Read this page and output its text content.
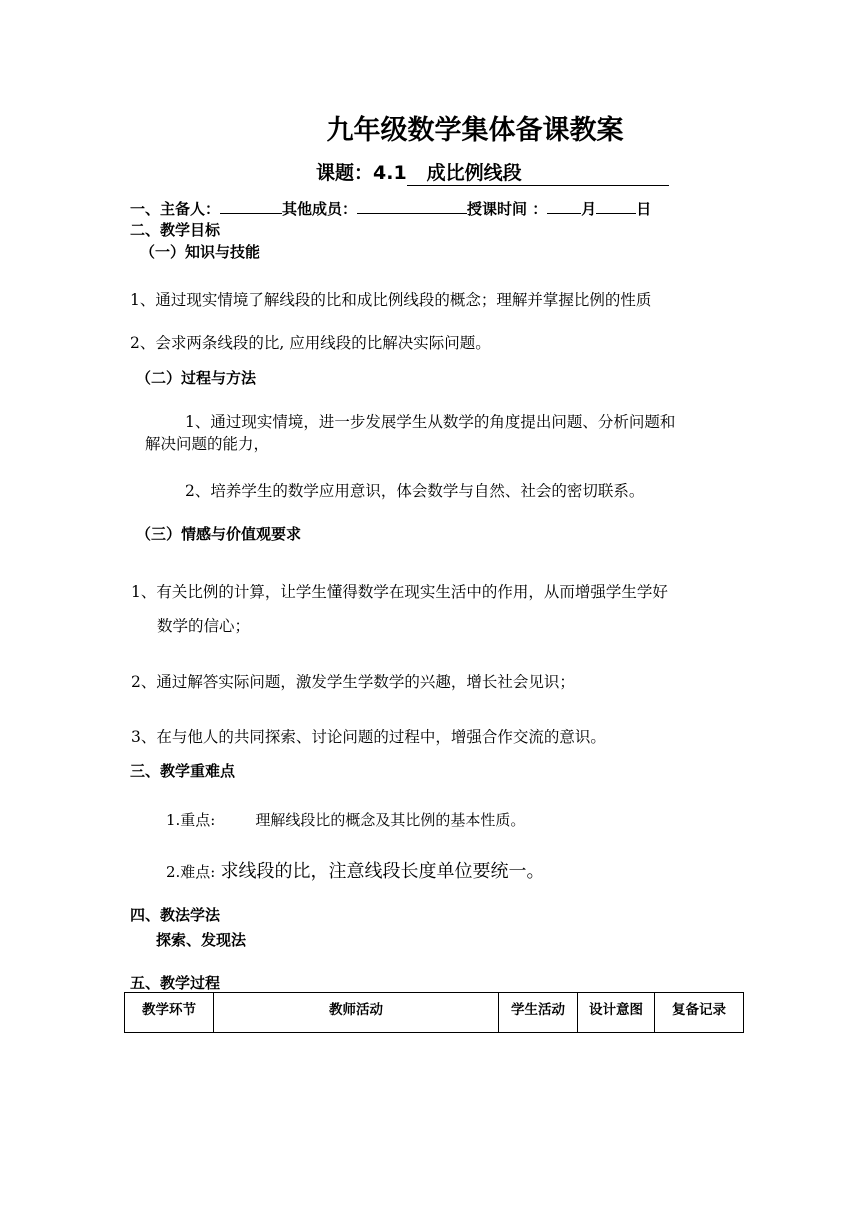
九年级数学集体备课教案
课题：4.1 成比例线段
一、主备人：	其他成员：	授课时间 ： 月	日
二、教学目标
（一）知识与技能
1、通过现实情境了解线段的比和成比例线段的概念；理解并掌握比例的性质
2、会求两条线段的比, 应用线段的比解决实际问题。
（二）过程与方法
1、通过现实情境，进一步发展学生从数学的角度提出问题、分析问题和
解决问题的能力，
2、培养学生的数学应用意识，体会数学与自然、社会的密切联系。
（三）情感与价值观要求
1、有关比例的计算，让学生懂得数学在现实生活中的作用，从而增强学生学好
数学的信心；
2、通过解答实际问题，激发学生学数学的兴趣，增长社会见识；
3、在与他人的共同探索、讨论问题的过程中，增强合作交流的意识。
三、教学重难点
1.重点:	理解线段比的概念及其比例的基本性质。
2.难点: 求线段的比，注意线段长度单位要统一。
四、教法学法
探索、发现法
五、教学过程
教学环节	教师活动	学生活动	设计意图	复备记录
